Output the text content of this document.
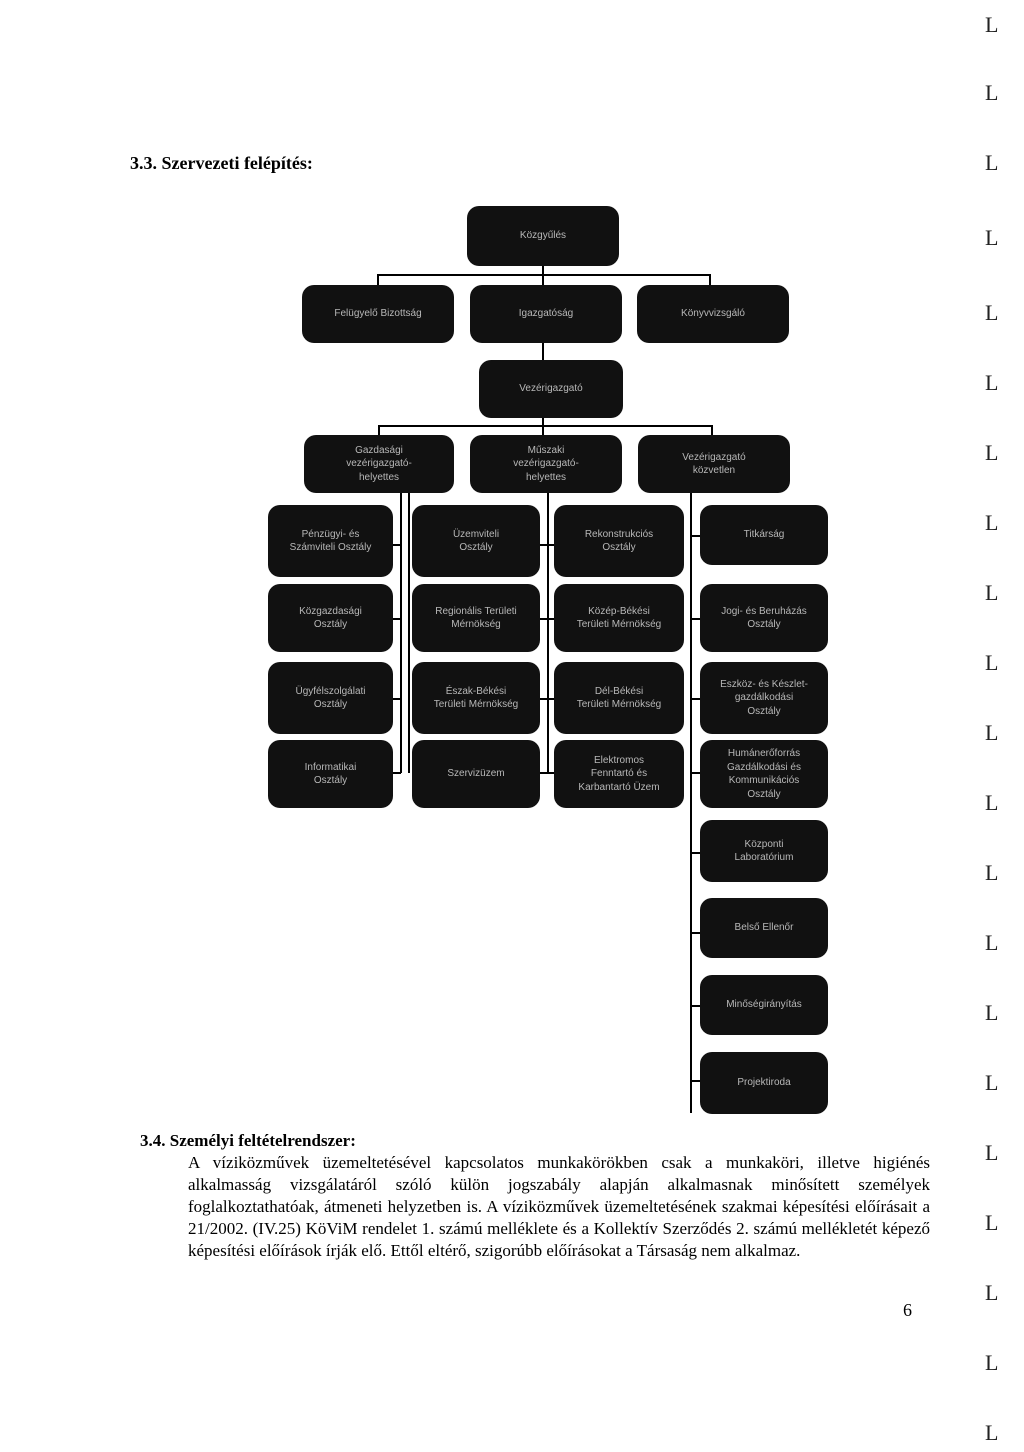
3.3. Szervezeti felépítés:
Közgyűlés
Felügyelő Bizottság	Igazgatóság	Könyvvizsgáló
Vezérigazgató
Gazdasági
vezérigazgató-
helyettes
Műszaki
vezérigazgató-
helyettes
Vezérigazgató
közvetlen
Pénzügyi- és
Számviteli Osztály
Közgazdasági
Osztály
Ügyfélszolgálati
Osztály
Informatikai
Osztály
Üzemviteli
Osztály
Regionális Területi
Mérnökség
Észak-Békési
Területi Mérnökség
Szervizüzem
Rekonstrukciós
Osztály
Közép-Békési
Területi Mérnökség
Dél-Békési
Területi Mérnökség
Elektromos
Fenntartó és
Karbantartó Üzem
Titkárság
Jogi- és Beruházás
Osztály
Eszköz- és Készlet-
gazdálkodási
Osztály
Humánerőforrás
Gazdálkodási és
Kommunikációs
Osztály
Központi
Laboratórium
Belső Ellenőr
Minőségirányítás
Projektiroda
3.4. Személyi feltételrendszer:
A víziközművek üzemeltetésével kapcsolatos munkakörökben csak a munkaköri, illetve higiénés alkalmasság vizsgálatáról szóló külön jogszabály alapján alkalmasnak minősített személyek foglalkoztathatóak, átmeneti helyzetben is. A víziközművek üzemeltetésének szakmai képesítési előírásait a 21/2002. (IV.25) KöViM rendelet 1. számú melléklete és a Kollektív Szerződés 2. számú mellékletét képező képesítési előírások írják elő. Ettől eltérő, szigorúbb előírásokat a Társaság nem alkalmaz.
6
L
L
L
L
L
L
L
L
L
L
L
L
L
L
L
L
L
L
L
L
L
